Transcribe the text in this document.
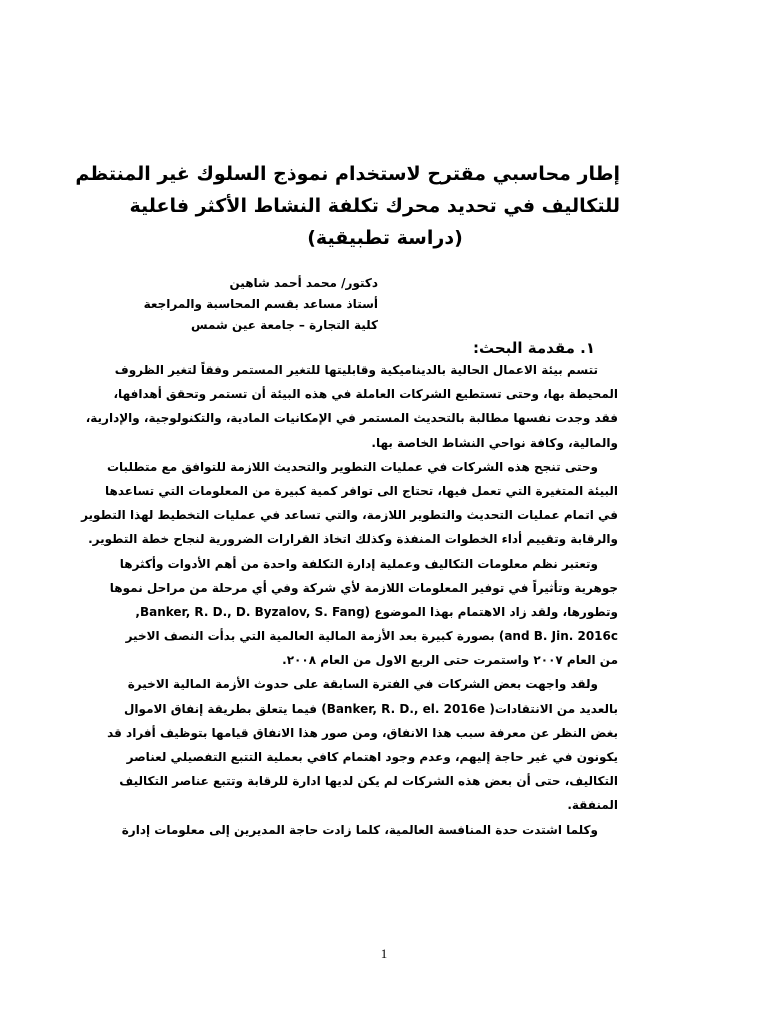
إطار محاسبي مقترح لاستخدام نموذج السلوك غير المنتظم
للتكاليف في تحديد محرك تكلفة النشاط الأكثر فاعلية
(دراسة تطبيقية)
دكتور/ محمد أحمد شاهين
أستاذ مساعد بقسم المحاسبة والمراجعة
كلية التجارة – جامعة عين شمس
١. مقدمة البحث:
تتسم بيئة الاعمال الحالية بالديناميكية وقابليتها للتغير المستمر وفقاً لتغير الظروف
المحيطة بها، وحتى تستطيع الشركات العاملة في هذه البيئة أن تستمر وتحقق أهدافها،
فقد وجدت نفسها مطالبة بالتحديث المستمر في الإمكانيات المادية، والتكنولوجية، والإدارية،
والمالية، وكافة نواحي النشاط الخاصة بها.
وحتى تنجح هذه الشركات في عمليات التطوير والتحديث اللازمة للتوافق مع متطلبات
البيئة المتغيرة التي تعمل فيها، تحتاج الى توافر كمية كبيرة من المعلومات التي تساعدها
في اتمام عمليات التحديث والتطوير اللازمة، والتي تساعد في عمليات التخطيط لهذا التطوير
والرقابة وتقييم أداء الخطوات المنفذة وكذلك اتخاذ القرارات الضرورية لنجاح خطة التطوير.
وتعتبر نظم معلومات التكاليف وعملية إدارة التكلفة واحدة من أهم الأدوات وأكثرها
جوهرية وتأثيراً في توفير المعلومات اللازمة لأي شركة وفي أي مرحلة من مراحل نموها
وتطورها، ولقد زاد الاهتمام بهذا الموضوع (Banker, R. D., D. Byzalov, S. Fang,
and B. Jin. 2016c) بصورة كبيرة بعد الأزمة المالية العالمية التي بدأت النصف الاخير
من العام ٢٠٠٧ واستمرت حتى الربع الاول من العام ٢٠٠٨.
ولقد واجهت بعض الشركات في الفترة السابقة على حدوث الأزمة المالية الاخيرة
بالعديد من الانتقادات( Banker, R. D., el. 2016e) فيما يتعلق بطريقة إنفاق الاموال
بغض النظر عن معرفة سبب هذا الانفاق، ومن صور هذا الانفاق قيامها بتوظيف أفراد قد
يكونون في غير حاجة إليهم، وعدم وجود اهتمام كافي بعملية التتبع التفصيلي لعناصر
التكاليف، حتى أن بعض هذه الشركات لم يكن لديها ادارة للرقابة وتتبع عناصر التكاليف
المنفقة.
وكلما اشتدت حدة المنافسة العالمية، كلما زادت حاجة المديرين إلى معلومات إدارة
1
